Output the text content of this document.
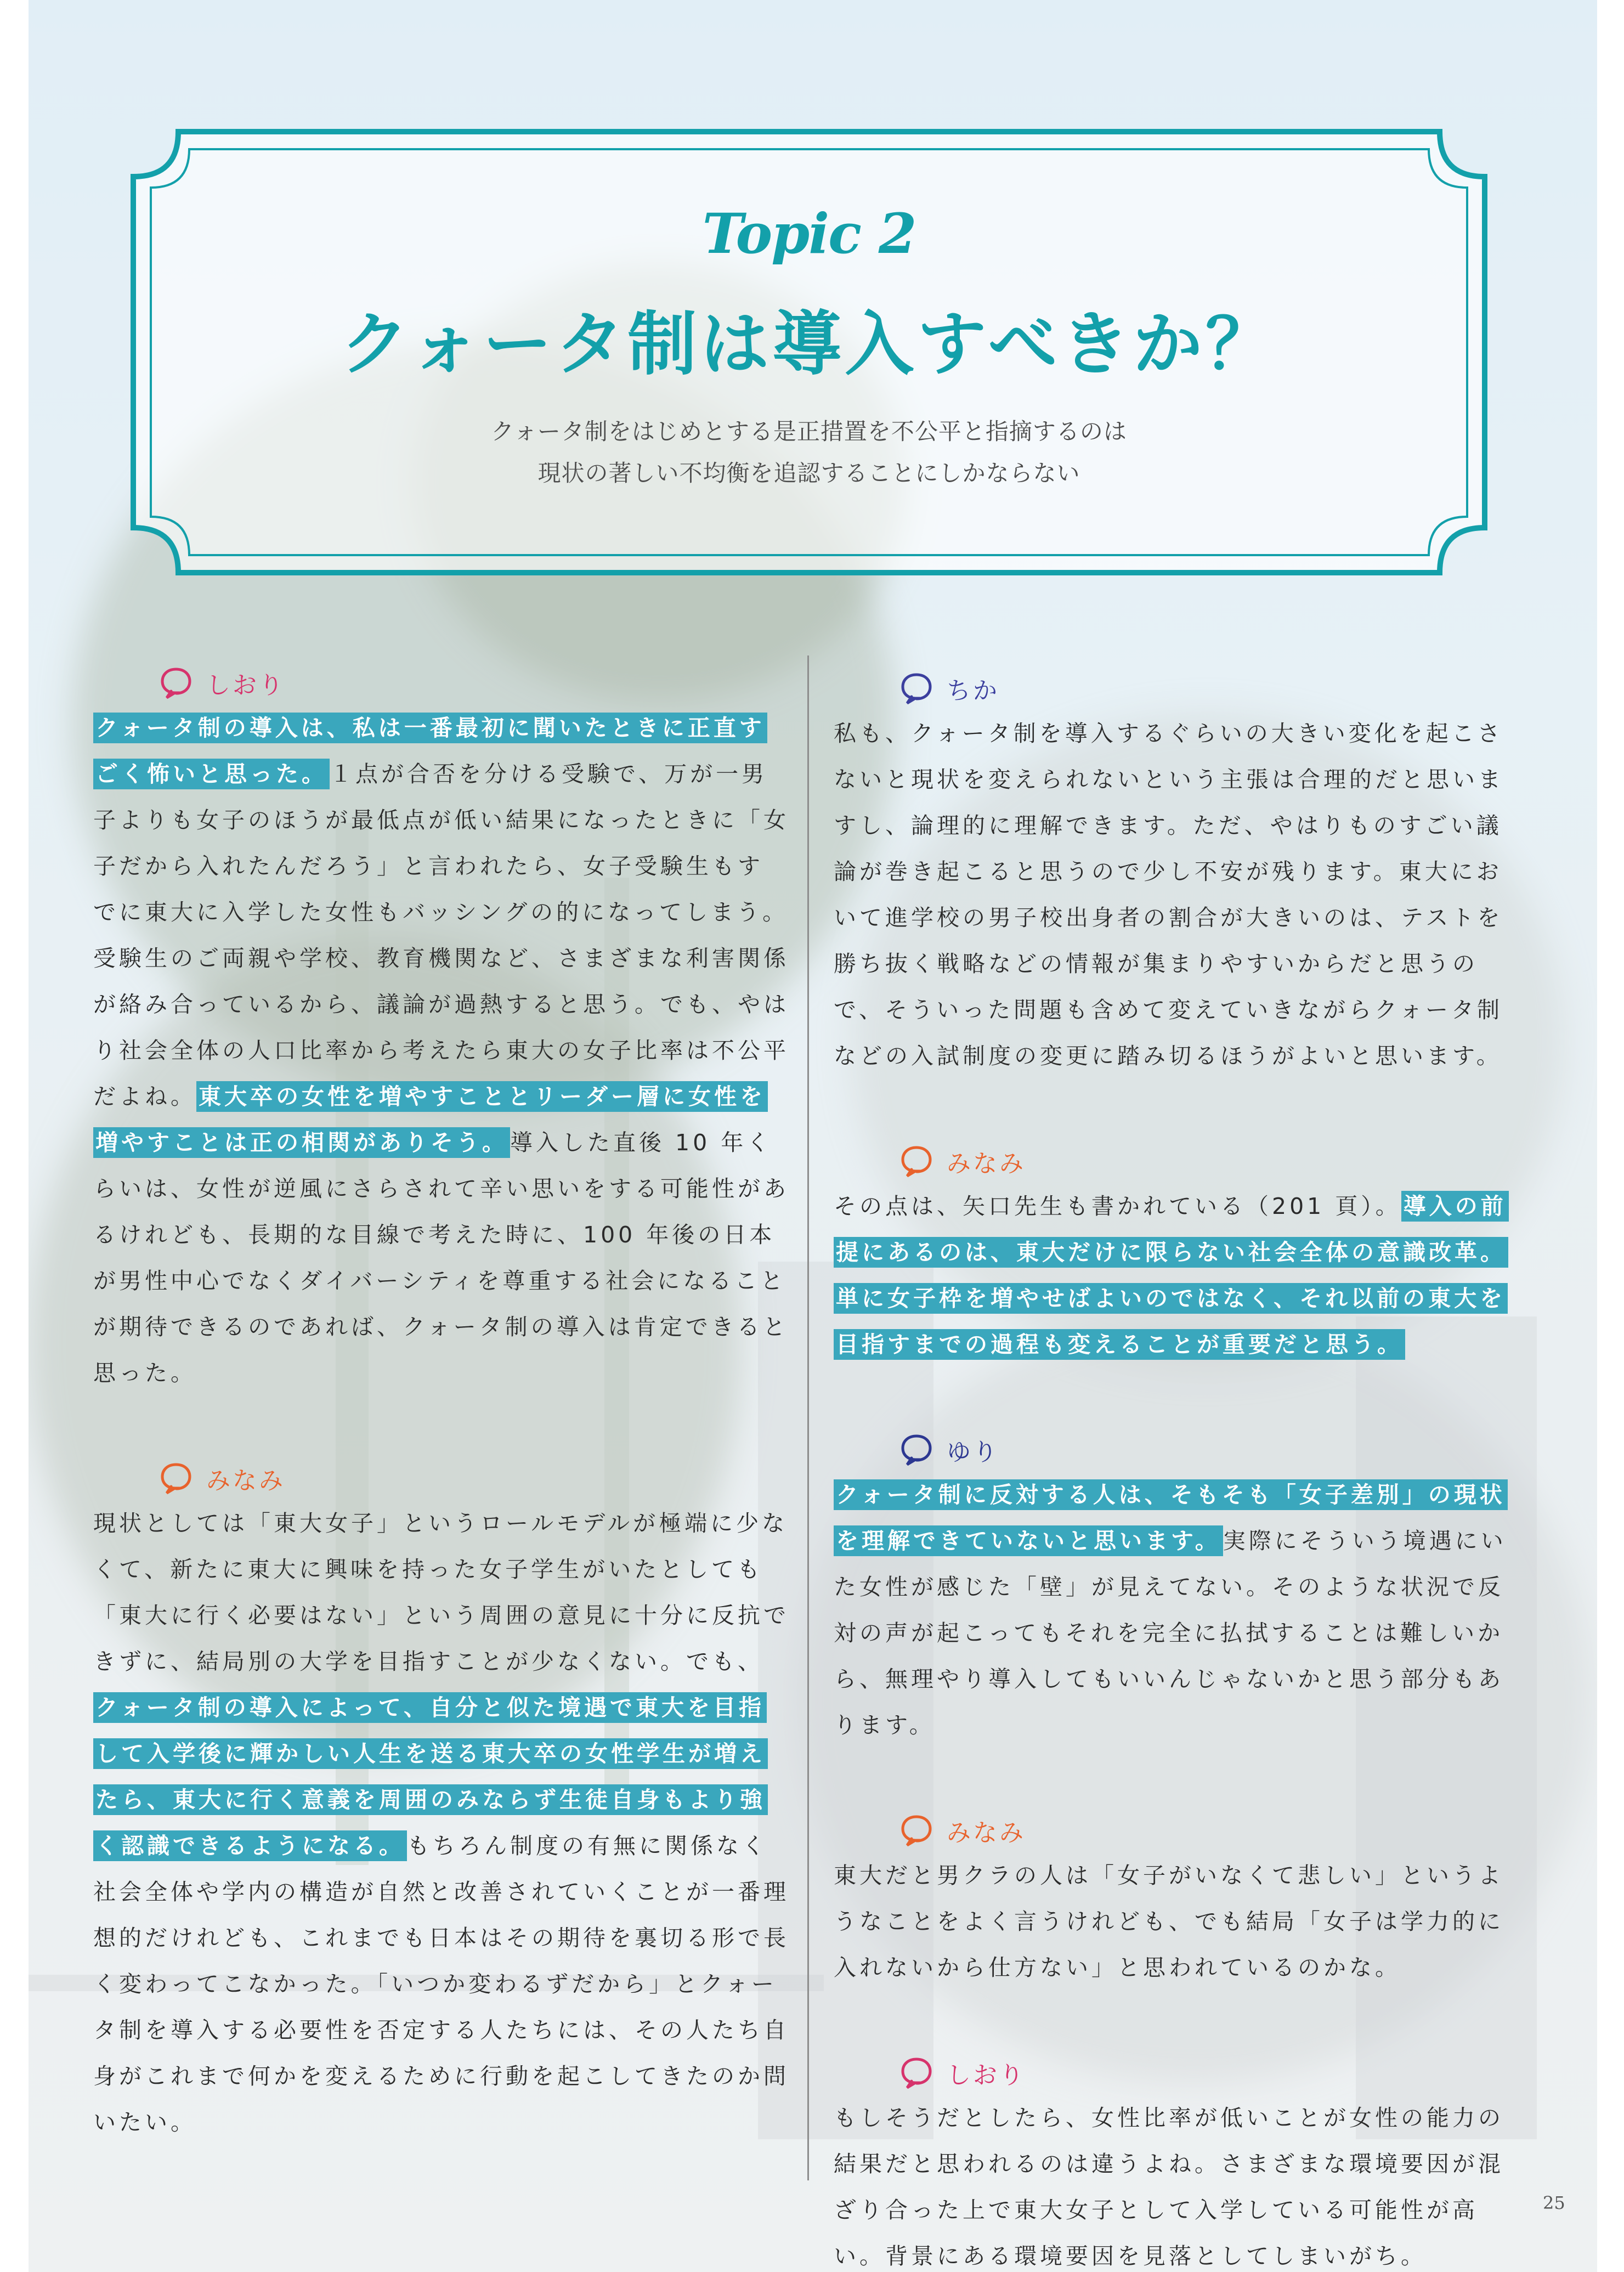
Topic 2
クォータ制は導入すべきか？
クォータ制をはじめとする是正措置を不公平と指摘するのは
現状の著しい不均衡を追認することにしかならない
しおり

クォータ制の導入は、私は一番最初に聞いたときに正直すごく怖いと思った。１点が合否を分ける受験で、万が一男子よりも女子のほうが最低点が低い結果になったときに「女子だから入れたんだろう」と言われたら、女子受験生もすでに東大に入学した女性もバッシングの的になってしまう。受験生のご両親や学校、教育機関など、さまざまな利害関係が絡み合っているから、議論が過熱すると思う。でも、やはり社会全体の人口比率から考えたら東大の女子比率は不公平だよね。東大卒の女性を増やすこととリーダー層に女性を増やすことは正の相関がありそう。導入した直後 10 年くらいは、女性が逆風にさらされて辛い思いをする可能性があるけれども、長期的な目線で考えた時に、100 年後の日本が男性中心でなくダイバーシティを尊重する社会になることが期待できるのであれば、クォータ制の導入は肯定できると思った。

みなみ

現状としては「東大女子」というロールモデルが極端に少なくて、新たに東大に興味を持った女子学生がいたとしても「東大に行く必要はない」という周囲の意見に十分に反抗できずに、結局別の大学を目指すことが少なくない。でも、クォータ制の導入によって、自分と似た境遇で東大を目指して入学後に輝かしい人生を送る東大卒の女性学生が増えたら、東大に行く意義を周囲のみならず生徒自身もより強く認識できるようになる。もちろん制度の有無に関係なく社会全体や学内の構造が自然と改善されていくことが一番理想的だけれども、これまでも日本はその期待を裏切る形で長く変わってこなかった。「いつか変わるずだから」とクォータ制を導入する必要性を否定する人たちには、その人たち自身がこれまで何かを変えるために行動を起こしてきたのか問いたい。

ちか

私も、クォータ制を導入するぐらいの大きい変化を起こさないと現状を変えられないという主張は合理的だと思いますし、論理的に理解できます。ただ、やはりものすごい議論が巻き起こると思うので少し不安が残ります。東大において進学校の男子校出身者の割合が大きいのは、テストを勝ち抜く戦略などの情報が集まりやすいからだと思うので、そういった問題も含めて変えていきながらクォータ制などの入試制度の変更に踏み切るほうがよいと思います。

みなみ

その点は、矢口先生も書かれている（201 頁）。導入の前提にあるのは、東大だけに限らない社会全体の意識改革。単に女子枠を増やせばよいのではなく、それ以前の東大を目指すまでの過程も変えることが重要だと思う。

ゆり

クォータ制に反対する人は、そもそも「女子差別」の現状を理解できていないと思います。実際にそういう境遇にいた女性が感じた「壁」が見えてない。そのような状況で反対の声が起こってもそれを完全に払拭することは難しいから、無理やり導入してもいいんじゃないかと思う部分もあります。

みなみ

東大だと男クラの人は「女子がいなくて悲しい」というようなことをよく言うけれども、でも結局「女子は学力的に入れないから仕方ない」と思われているのかな。

しおり

もしそうだとしたら、女性比率が低いことが女性の能力の結果だと思われるのは違うよね。さまざまな環境要因が混ざり合った上で東大女子として入学している可能性が高い。背景にある環境要因を見落としてしまいがち。

25
